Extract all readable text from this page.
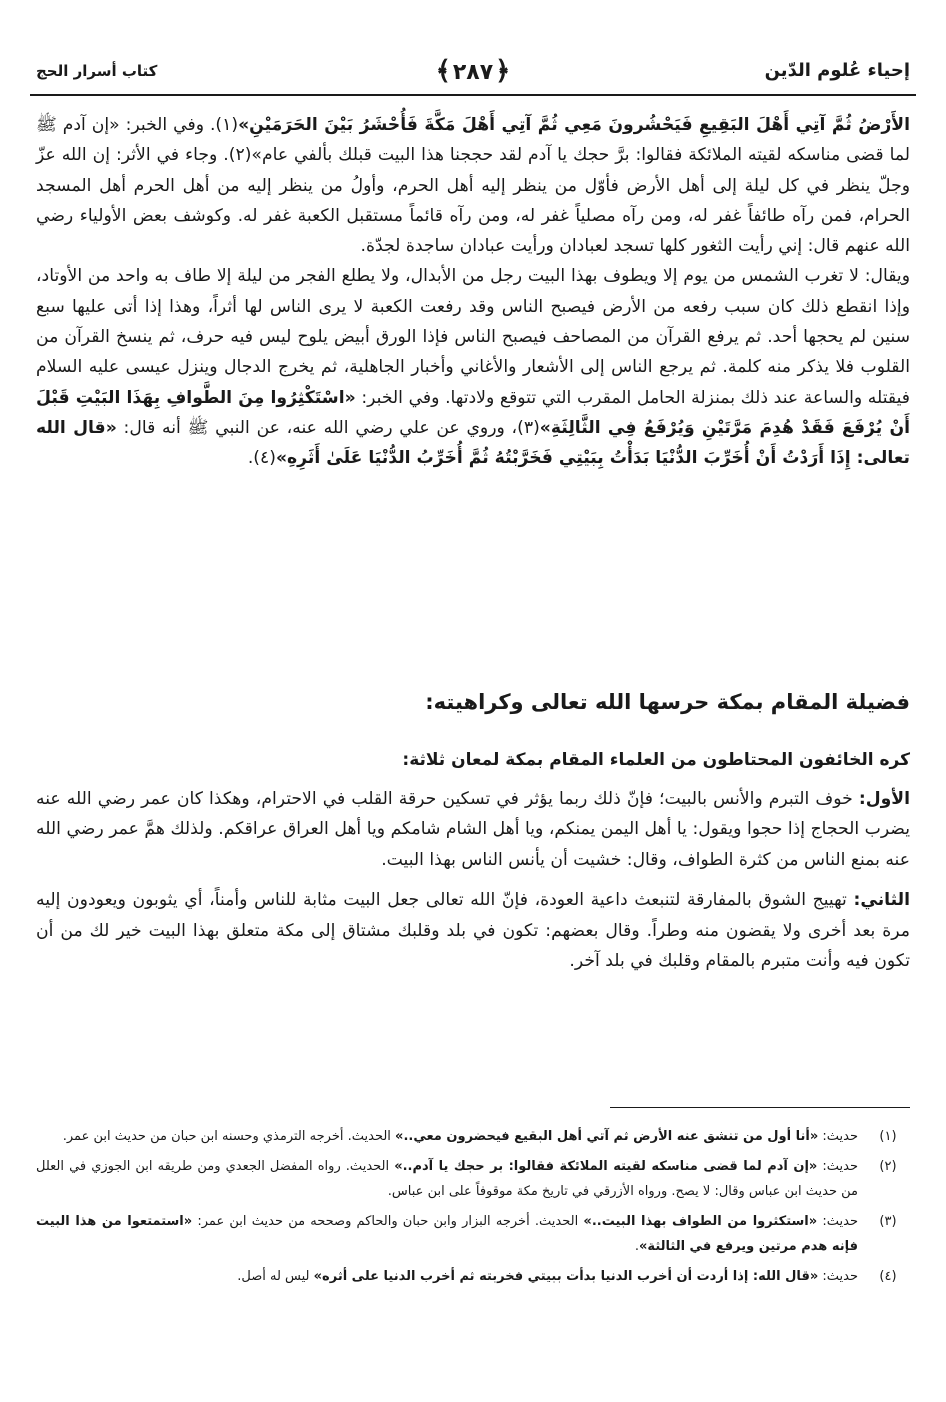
إحياء عُلوم الدّين
﴿٢٨٧﴾
كتاب أسرار الحج

الأَرْضُ ثُمَّ آتِي أَهْلَ البَقِيعِ فَيَحْشُرونَ مَعِي ثُمَّ آتِي أَهْلَ مَكَّةَ فَأُحْشَرُ بَيْنَ الحَرَمَيْنِ»(١). وفي الخبر: «إن آدم ﷺ لما قضى مناسكه لقيته الملائكة فقالوا: برَّ حجك يا آدم لقد حججنا هذا البيت قبلك بألفي عام»(٢). وجاء في الأثر: إن الله عزّ وجلّ ينظر في كل ليلة إلى أهل الأرض فأوّل من ينظر إليه أهل الحرم، وأولُ من ينظر إليه من أهل الحرم أهل المسجد الحرام، فمن رآه طائفاً غفر له، ومن رآه مصلياً غفر له، ومن رآه قائماً مستقبل الكعبة غفر له. وكوشف بعض الأولياء رضي الله عنهم قال: إني رأيت الثغور كلها تسجد لعبادان ورأيت عبادان ساجدة لجدّة.

ويقال: لا تغرب الشمس من يوم إلا ويطوف بهذا البيت رجل من الأبدال، ولا يطلع الفجر من ليلة إلا طاف به واحد من الأوتاد، وإذا انقطع ذلك كان سبب رفعه من الأرض فيصبح الناس وقد رفعت الكعبة لا يرى الناس لها أثراً، وهذا إذا أتى عليها سبع سنين لم يحجها أحد. ثم يرفع القرآن من المصاحف فيصبح الناس فإذا الورق أبيض يلوح ليس فيه حرف، ثم ينسخ القرآن من القلوب فلا يذكر منه كلمة. ثم يرجع الناس إلى الأشعار والأغاني وأخبار الجاهلية، ثم يخرج الدجال وينزل عيسى عليه السلام فيقتله والساعة عند ذلك بمنزلة الحامل المقرب التي تتوقع ولادتها. وفي الخبر: «اسْتَكْثِرُوا مِنَ الطَّوافِ بِهَذَا البَيْتِ قَبْلَ أَنْ يُرْفَعَ فَقَدْ هُدِمَ مَرَّتَيْنِ وَيُرْفَعُ فِي الثَّالِثَةِ»(٣)، وروي عن علي رضي الله عنه، عن النبي ﷺ أنه قال: «قال الله تعالى: إِذَا أَرَدْتُ أَنْ أُخَرِّبَ الدُّنْيَا بَدَأْتُ بِبَيْتِي فَخَرَّبْتُهُ ثُمَّ أُخَرِّبُ الدُّنْيَا عَلَىٰ أَثَرِهِ»(٤).

فضيلة المقام بمكة حرسها الله تعالى وكراهيته:

كره الخائفون المحتاطون من العلماء المقام بمكة لمعان ثلاثة:

الأول: خوف التبرم والأنس بالبيت؛ فإنّ ذلك ربما يؤثر في تسكين حرقة القلب في الاحترام، وهكذا كان عمر رضي الله عنه يضرب الحجاج إذا حجوا ويقول: يا أهل اليمن يمنكم، ويا أهل الشام شامكم ويا أهل العراق عراقكم. ولذلك همَّ عمر رضي الله عنه بمنع الناس من كثرة الطواف، وقال: خشيت أن يأنس الناس بهذا البيت.

الثاني: تهييج الشوق بالمفارقة لتنبعث داعية العودة، فإنّ الله تعالى جعل البيت مثابة للناس وأمناً، أي يثوبون ويعودون إليه مرة بعد أخرى ولا يقضون منه وطراً. وقال بعضهم: تكون في بلد وقلبك مشتاق إلى مكة متعلق بهذا البيت خير لك من أن تكون فيه وأنت متبرم بالمقام وقلبك في بلد آخر.

(١)
حديث: «أنا أول من تنشق عنه الأرض ثم آتي أهل البقيع فيحضرون معي..» الحديث. أخرجه الترمذي وحسنه ابن حبان من حديث ابن عمر.
(٢)
حديث: «إن آدم لما قضى مناسكه لقيته الملائكة فقالوا: بر حجك يا آدم..» الحديث. رواه المفضل الجعدي ومن طريقه ابن الجوزي في العلل من حديث ابن عباس وقال: لا يصح. ورواه الأزرقي في تاريخ مكة موقوفاً على ابن عباس.
(٣)
حديث: «استكثروا من الطواف بهذا البيت..» الحديث. أخرجه البزار وابن حبان والحاكم وصححه من حديث ابن عمر: «استمتعوا من هذا البيت فإنه هدم مرتين ويرفع في الثالثة».
(٤)
حديث: «قال الله: إذا أردت أن أخرب الدنيا بدأت ببيتي فخربته ثم أخرب الدنيا على أثره» ليس له أصل.
